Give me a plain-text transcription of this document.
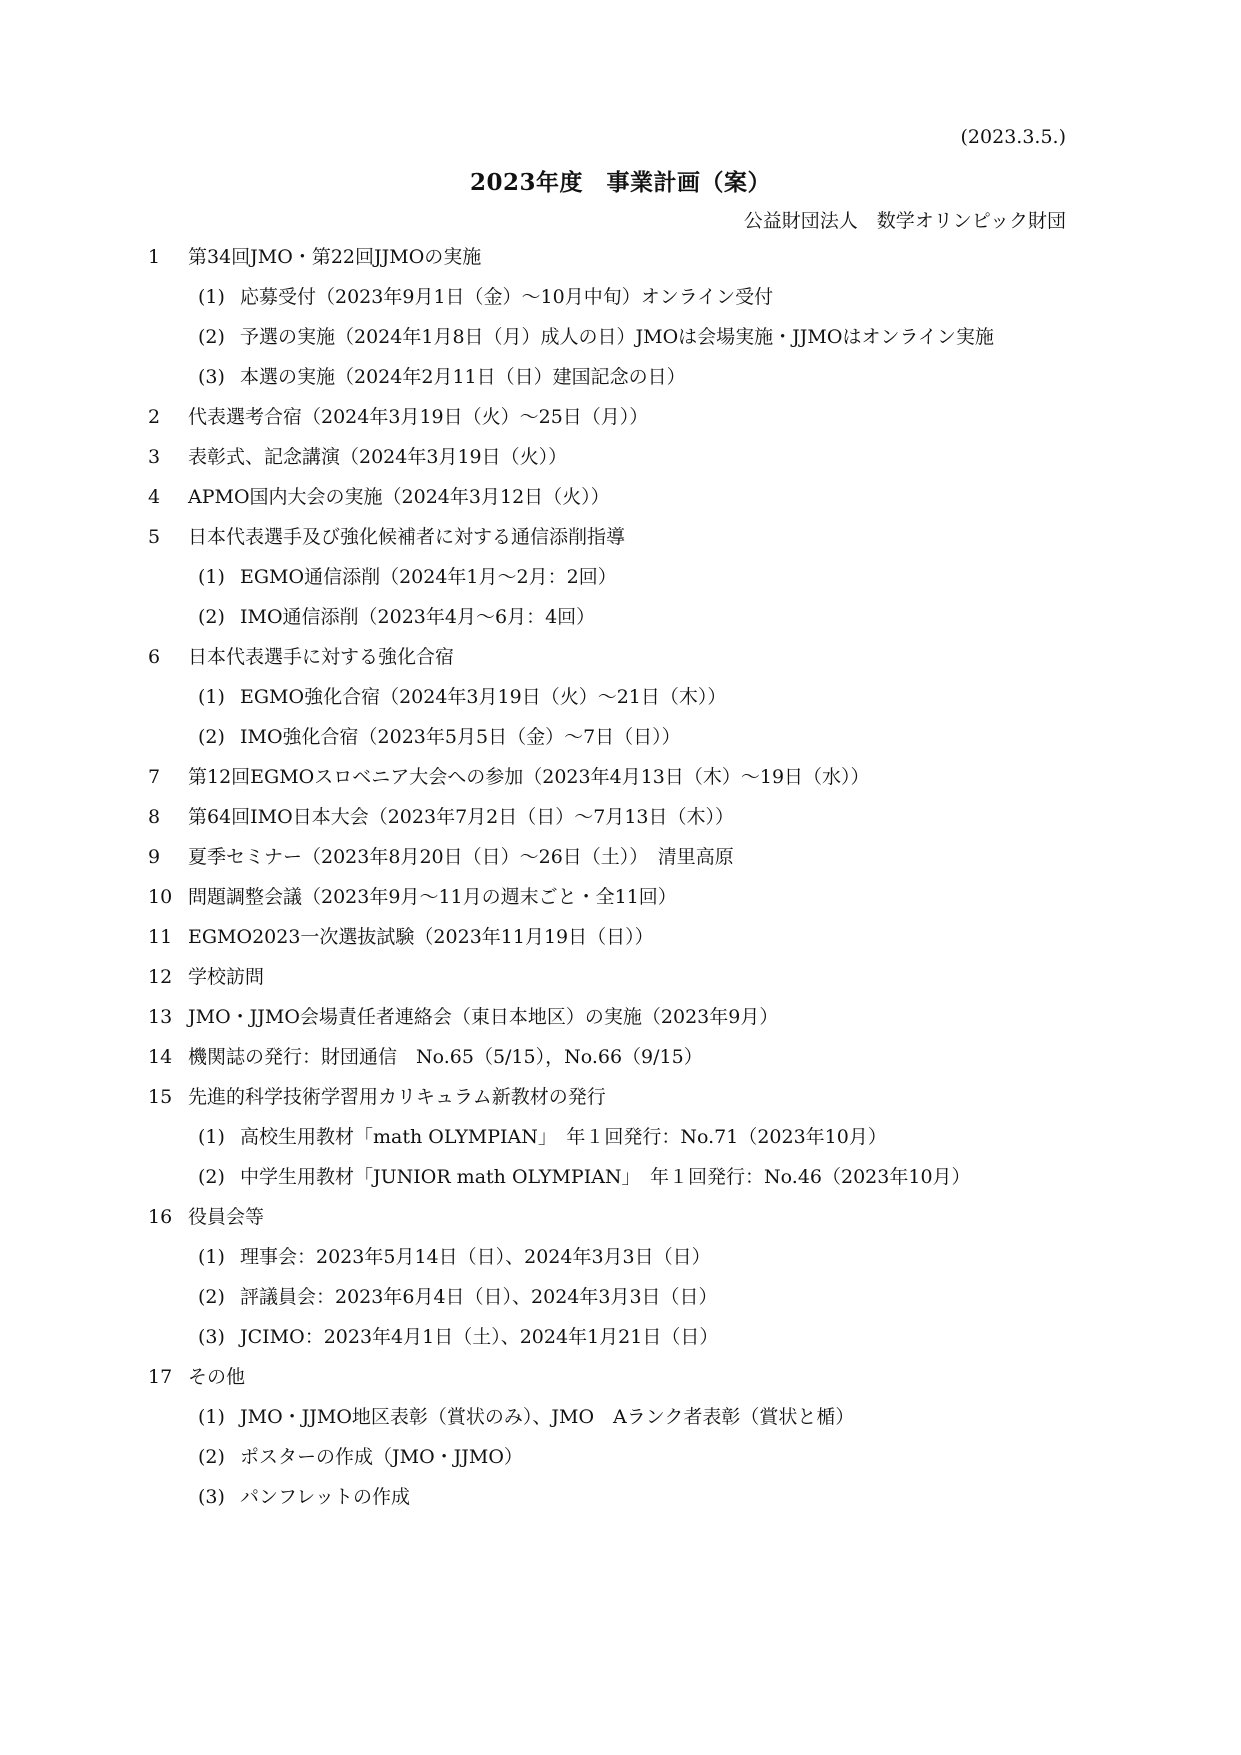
(2023.3.5.)
2023年度　事業計画（案）
公益財団法人　数学オリンピック財団
1	第34回JMO・第22回JJMOの実施
(1) 応募受付（2023年9月1日（金）～10月中旬）オンライン受付
(2) 予選の実施（2024年1月8日（月）成人の日）JMOは会場実施・JJMOはオンライン実施
(3) 本選の実施（2024年2月11日（日）建国記念の日）
2	代表選考合宿（2024年3月19日（火）～25日（月））
3	表彰式、記念講演（2024年3月19日（火））
4	APMO国内大会の実施（2024年3月12日（火））
5	日本代表選手及び強化候補者に対する通信添削指導
(1) EGMO通信添削（2024年1月～2月：2回）
(2) IMO通信添削（2023年4月～6月：4回）
6	日本代表選手に対する強化合宿
(1) EGMO強化合宿（2024年3月19日（火）～21日（木））
(2) IMO強化合宿（2023年5月5日（金）～7日（日））
7	第12回EGMOスロベニア大会への参加（2023年4月13日（木）～19日（水））
8	第64回IMO日本大会（2023年7月2日（日）～7月13日（木））
9	夏季セミナー（2023年8月20日（日）～26日（土））　清里高原
10 問題調整会議（2023年9月～11月の週末ごと・全11回）
11 EGMO2023一次選抜試験（2023年11月19日（日））
12 学校訪問
13 JMO・JJMO会場責任者連絡会（東日本地区）の実施（2023年9月）
14 機関誌の発行：財団通信　No.65（5/15），No.66（9/15）
15 先進的科学技術学習用カリキュラム新教材の発行
(1) 高校生用教材「math OLYMPIAN」　年１回発行：No.71（2023年10月）
(2) 中学生用教材「JUNIOR math OLYMPIAN」　年１回発行：No.46（2023年10月）
16 役員会等
(1) 理事会：2023年5月14日（日）、2024年3月3日（日）
(2) 評議員会：2023年6月4日（日）、2024年3月3日（日）
(3) JCIMO：2023年4月1日（土）、2024年1月21日（日）
17 その他
(1) JMO・JJMO地区表彰（賞状のみ）、JMO　Aランク者表彰（賞状と楯）
(2) ポスターの作成（JMO・JJMO）
(3) パンフレットの作成
